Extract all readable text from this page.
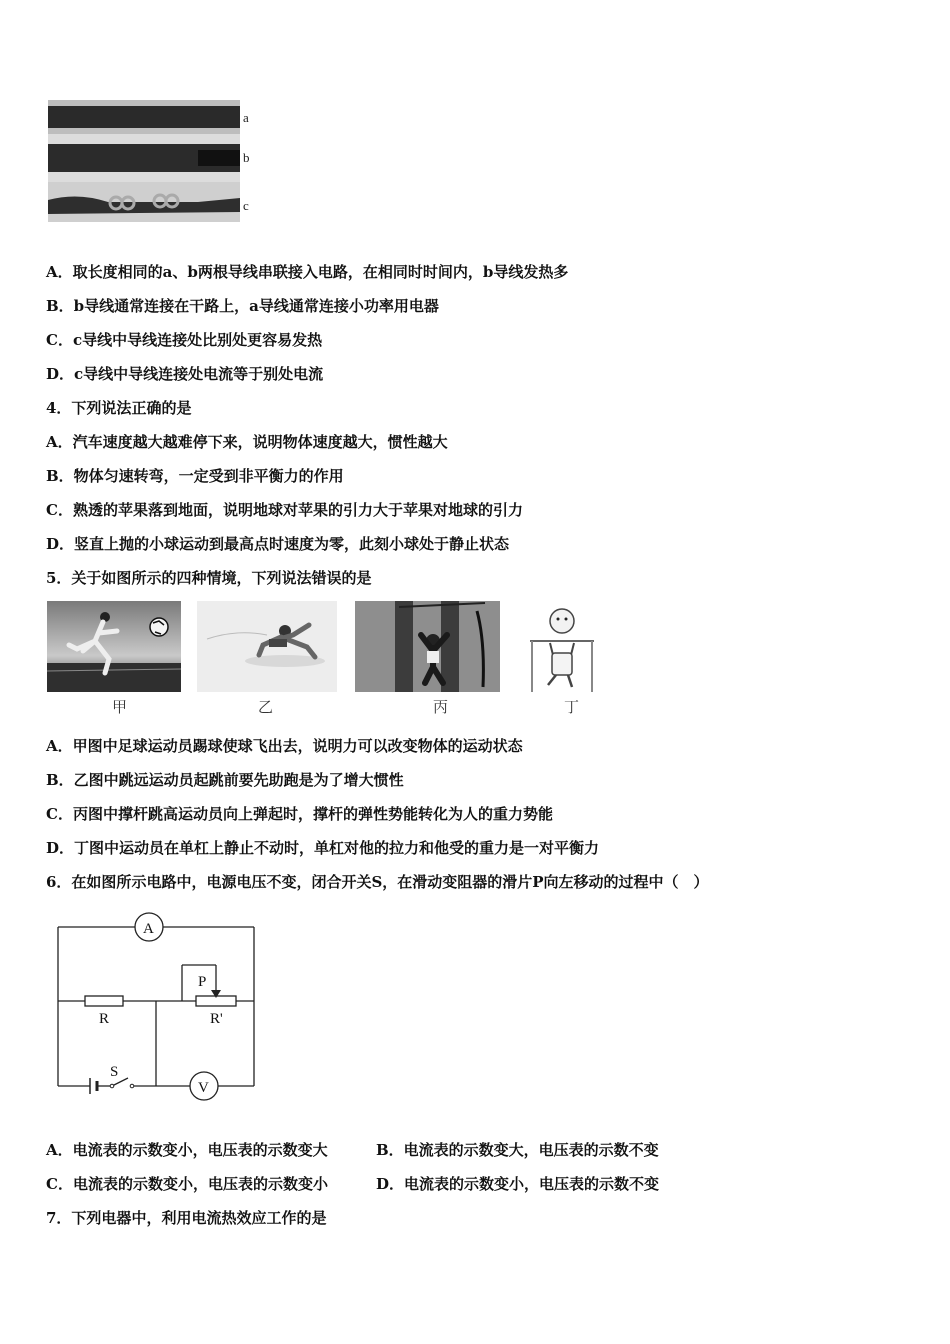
a
b
c
A．取长度相同的a、b两根导线串联接入电路，在相同时时间内，b导线发热多
B．b导线通常连接在干路上，a导线通常连接小功率用电器
C．c导线中导线连接处比别处更容易发热
D．c导线中导线连接处电流等于别处电流
4．下列说法正确的是
A．汽车速度越大越难停下来，说明物体速度越大，惯性越大
B．物体匀速转弯，一定受到非平衡力的作用
C．熟透的苹果落到地面，说明地球对苹果的引力大于苹果对地球的引力
D．竖直上抛的小球运动到最高点时速度为零，此刻小球处于静止状态
5．关于如图所示的四种情境，下列说法错误的是
甲	乙	丙	丁
A．甲图中足球运动员踢球使球飞出去，说明力可以改变物体的运动状态
B．乙图中跳远运动员起跳前要先助跑是为了增大惯性
C．丙图中撑杆跳高运动员向上弹起时，撑杆的弹性势能转化为人的重力势能
D．丁图中运动员在单杠上静止不动时，单杠对他的拉力和他受的重力是一对平衡力
6．在如图所示电路中，电源电压不变，闭合开关S，在滑动变阻器的滑片P向左移动的过程中（　）
A
V
R	R'
P
S
A．电流表的示数变小，电压表的示数变大	B．电流表的示数变大，电压表的示数不变
C．电流表的示数变小，电压表的示数变小	D．电流表的示数变小，电压表的示数不变
7．下列电器中，利用电流热效应工作的是
